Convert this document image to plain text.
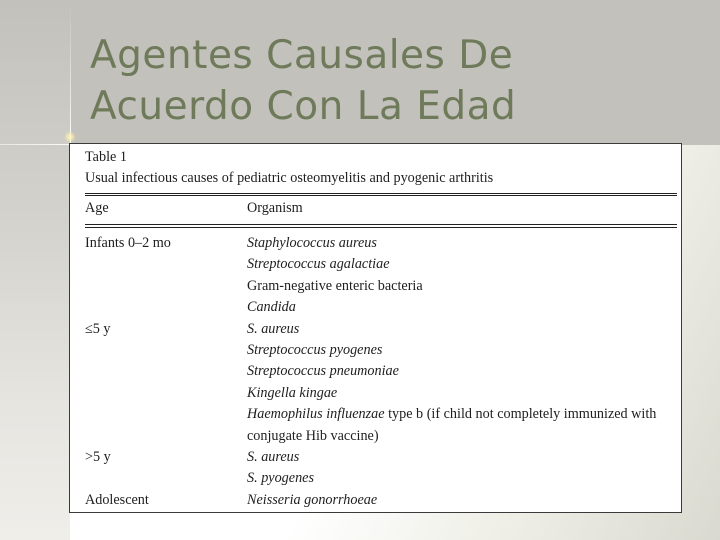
Agentes Causales De
Acuerdo Con La Edad
Table 1
Usual infectious causes of pediatric osteomyelitis and pyogenic arthritis
Age	Organism
Infants 0–2 mo	Staphylococcus aureus
Streptococcus agalactiae
Gram-negative enteric bacteria
Candida
≤5 y	S. aureus
Streptococcus pyogenes
Streptococcus pneumoniae
Kingella kingae
Haemophilus influenzae type b (if child not completely immunized with
conjugate Hib vaccine)
>5 y	S. aureus
S. pyogenes
Adolescent	Neisseria gonorrhoeae
